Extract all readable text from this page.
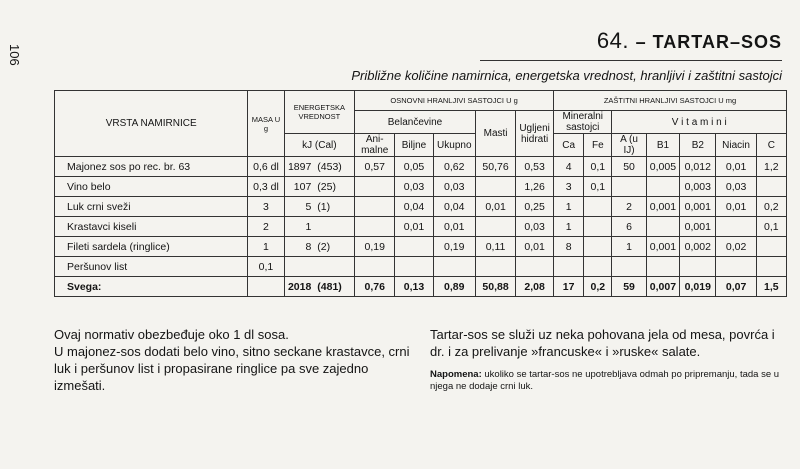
106
64. – TARTAR–SOS
Približne količine namirnica, energetska vrednost, hranljivi i zaštitni sastojci
VRSTA NAMIRNICE	MASA U g	ENERGETSKA VREDNOST		OSNOVNI HRANLJIVI SASTOJCI U g					ZAŠTITNI HRANLJIVI SASTOJCI U mg						
				Belančevine			Masti	Ugljeni hidrati	Mineralni sastojci		V i t a m i n i				
		kJ (Cal)		Ani-malne	Biljne	Ukupno			Ca	Fe	A (u IJ)	B1	B2	Niacin	C
Majonez sos po rec. br. 63	0,6 dl	1897	(453)	0,57	0,05	0,62	50,76	0,53	4	0,1	50	0,005	0,012	0,01	1,2
Vino belo	0,3 dl	107	(25)		0,03	0,03		1,26	3	0,1			0,003	0,03	
Luk crni sveži	3	5	(1)		0,04	0,04	0,01	0,25	1		2	0,001	0,001	0,01	0,2
Krastavci kiseli	2	1			0,01	0,01		0,03	1		6		0,001		0,1
Fileti sardela (ringlice)	1	8	(2)	0,19		0,19	0,11	0,01	8		1	0,001	0,002	0,02	
Peršunov list	0,1														
Svega:		2018	(481)	0,76	0,13	0,89	50,88	2,08	17	0,2	59	0,007	0,019	0,07	1,5
Ovaj normativ obezbeđuje oko 1 dl sosa.
U majonez-sos dodati belo vino, sitno seckane krastavce, crni luk i peršunov list i propasirane ringlice pa sve zajedno izmešati.
Tartar-sos se služi uz neka pohovana jela od mesa, povrća i dr. i za prelivanje »francuske« i »ruske« salate.
Napomena: ukoliko se tartar-sos ne upotrebljava odmah po pripremanju, tada se u njega ne dodaje crni luk.
